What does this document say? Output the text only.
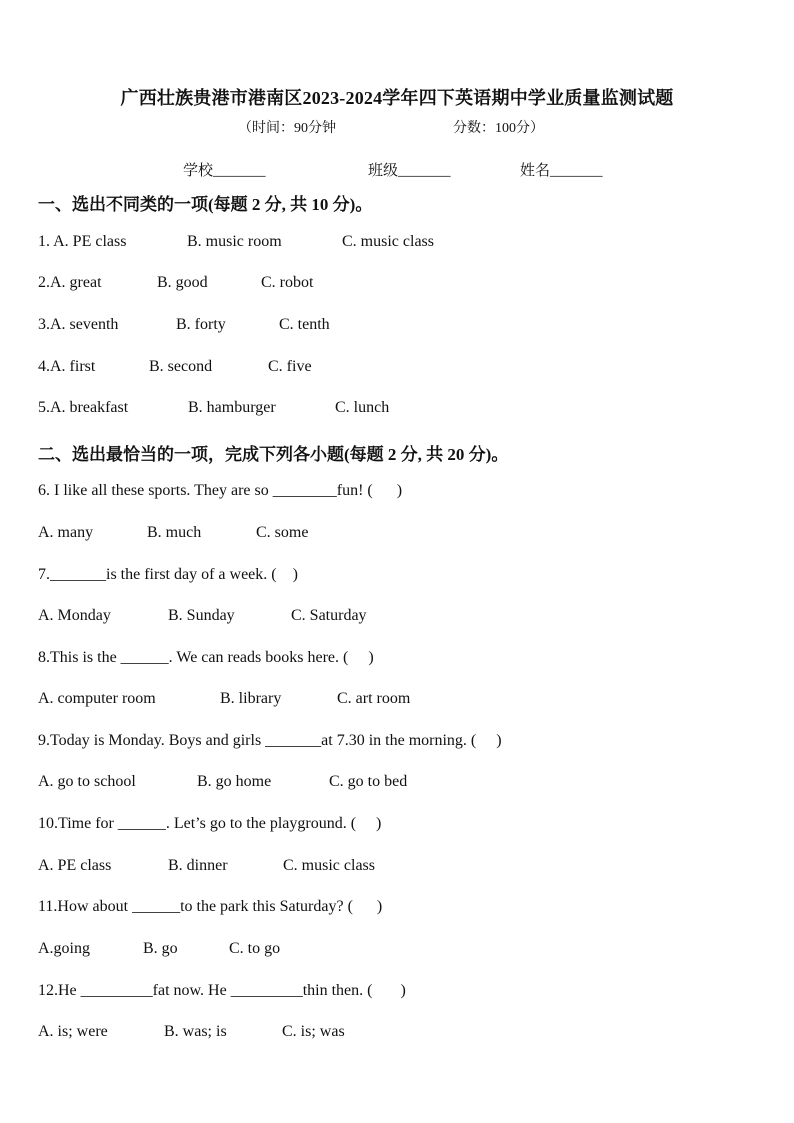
广西壮族贵港市港南区2023-2024学年四下英语期中学业质量监测试题
（时间：90分钟	分数：100分）
学校_______	班级_______	姓名_______
一、选出不同类的一项(每题 2 分, 共 10 分)。
1. A. PE class	B. music room	C. music class
2.A. great	B. good	C. robot
3.A. seventh	B. forty	C. tenth
4.A. first	B. second	C. five
5.A. breakfast	B. hamburger	C. lunch
二、选出最恰当的一项，完成下列各小题(每题 2 分, 共 20 分)。
6. I like all these sports. They are so ________fun! (      )
A. many	B. much	C. some
7._______is the first day of a week. (    )
A. Monday	B. Sunday	C. Saturday
8.This is the ______. We can reads books here. (     )
A. computer room	B. library	C. art room
9.Today is Monday. Boys and girls _______at 7.30 in the morning. (     )
A. go to school	B. go home	C. go to bed
10.Time for ______. Let’s go to the playground. (     )
A. PE class	B. dinner	C. music class
11.How about ______to the park this Saturday? (      )
A.going	B. go	C. to go
12.He _________fat now. He _________thin then. (       )
A. is; were	B. was; is	C. is; was
